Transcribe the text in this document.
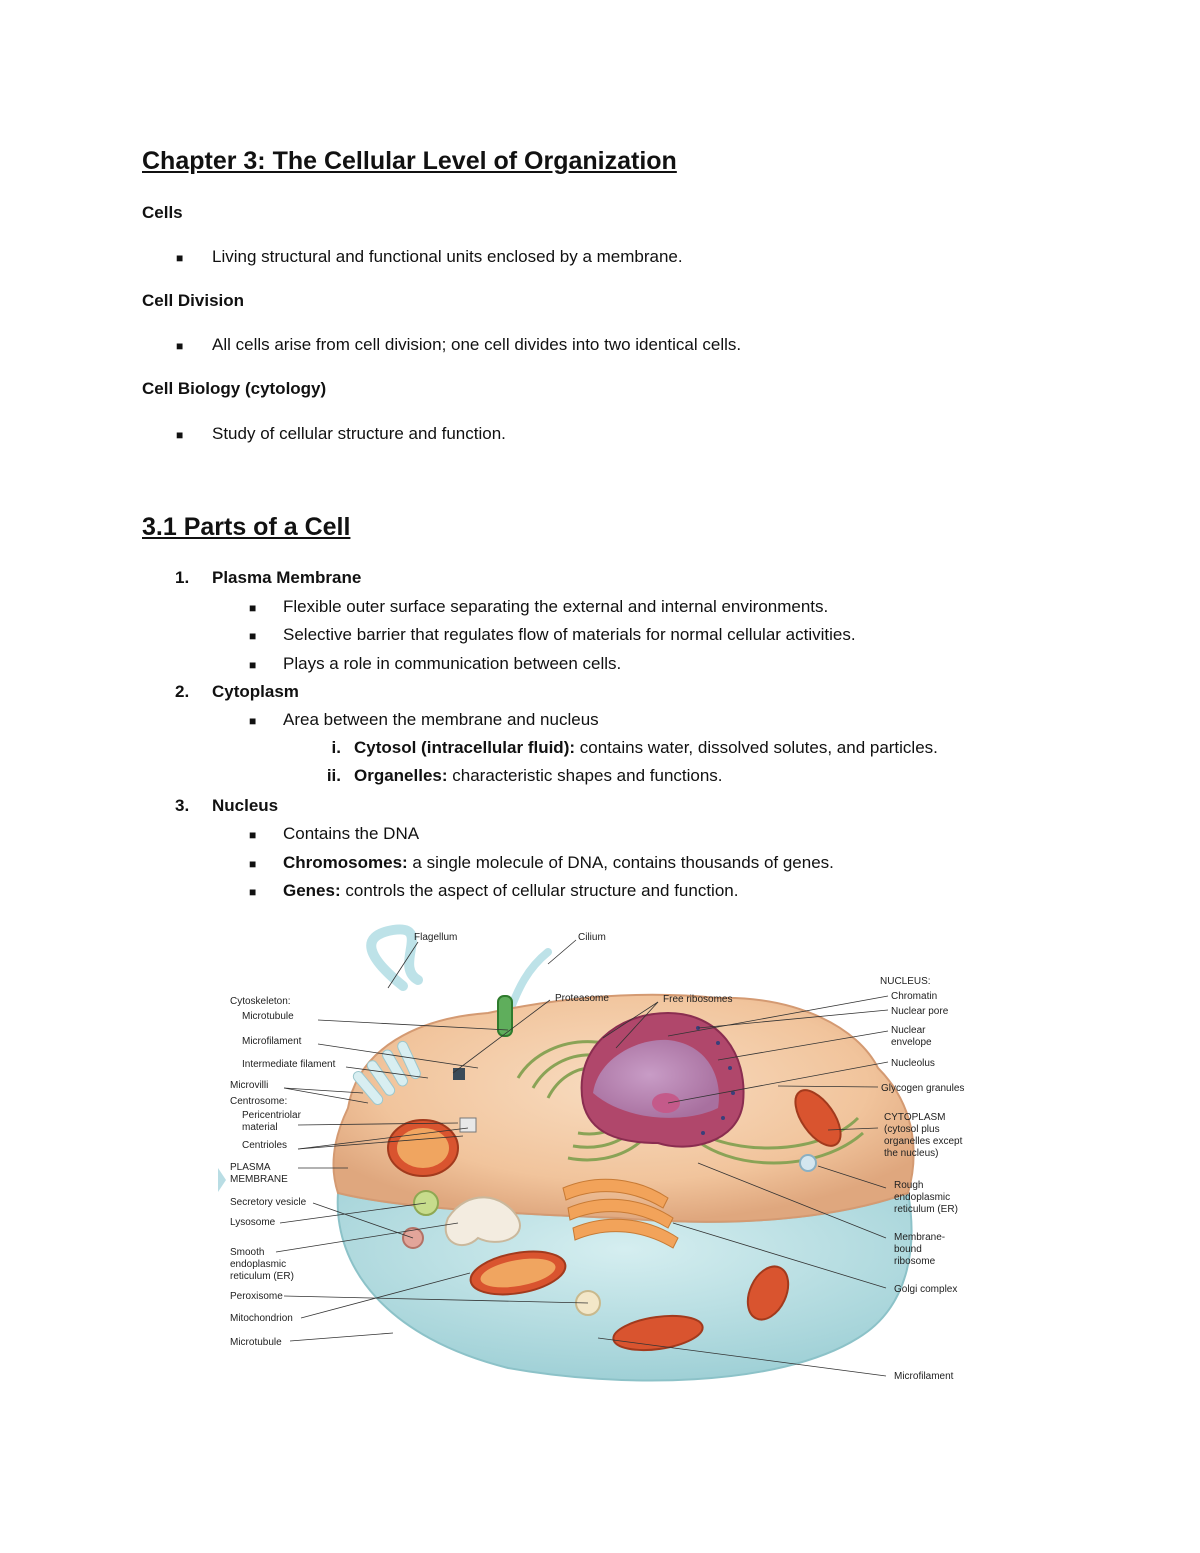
Chapter 3: The Cellular Level of Organization
Cells
■ Living structural and functional units enclosed by a membrane.
Cell Division
■ All cells arise from cell division; one cell divides into two identical cells.
Cell Biology (cytology)
■ Study of cellular structure and function.
3.1 Parts of a Cell
1. Plasma Membrane
■ Flexible outer surface separating the external and internal environments.
■ Selective barrier that regulates flow of materials for normal cellular activities.
■ Plays a role in communication between cells.
2. Cytoplasm
■ Area between the membrane and nucleus
i. Cytosol (intracellular fluid): contains water, dissolved solutes, and particles.
ii. Organelles: characteristic shapes and functions.
3. Nucleus
■ Contains the DNA
■ Chromosomes: a single molecule of DNA, contains thousands of genes.
■ Genes: controls the aspect of cellular structure and function.
Flagellum	Cilium
Proteasome	Free ribosomes
Cytoskeleton:
Microtubule
Microfilament
Intermediate filament
Microvilli
Centrosome:
Pericentriolar
material
Centrioles
PLASMA
MEMBRANE
Secretory vesicle
Lysosome
Smooth
endoplasmic
reticulum (ER)
Peroxisome
Mitochondrion
Microtubule
NUCLEUS:
Chromatin
Nuclear pore
Nuclear
envelope
Nucleolus
Glycogen granules
CYTOPLASM
(cytosol plus
organelles except
the nucleus)
Rough
endoplasmic
reticulum (ER)
Membrane-
bound
ribosome
Golgi complex
Microfilament
